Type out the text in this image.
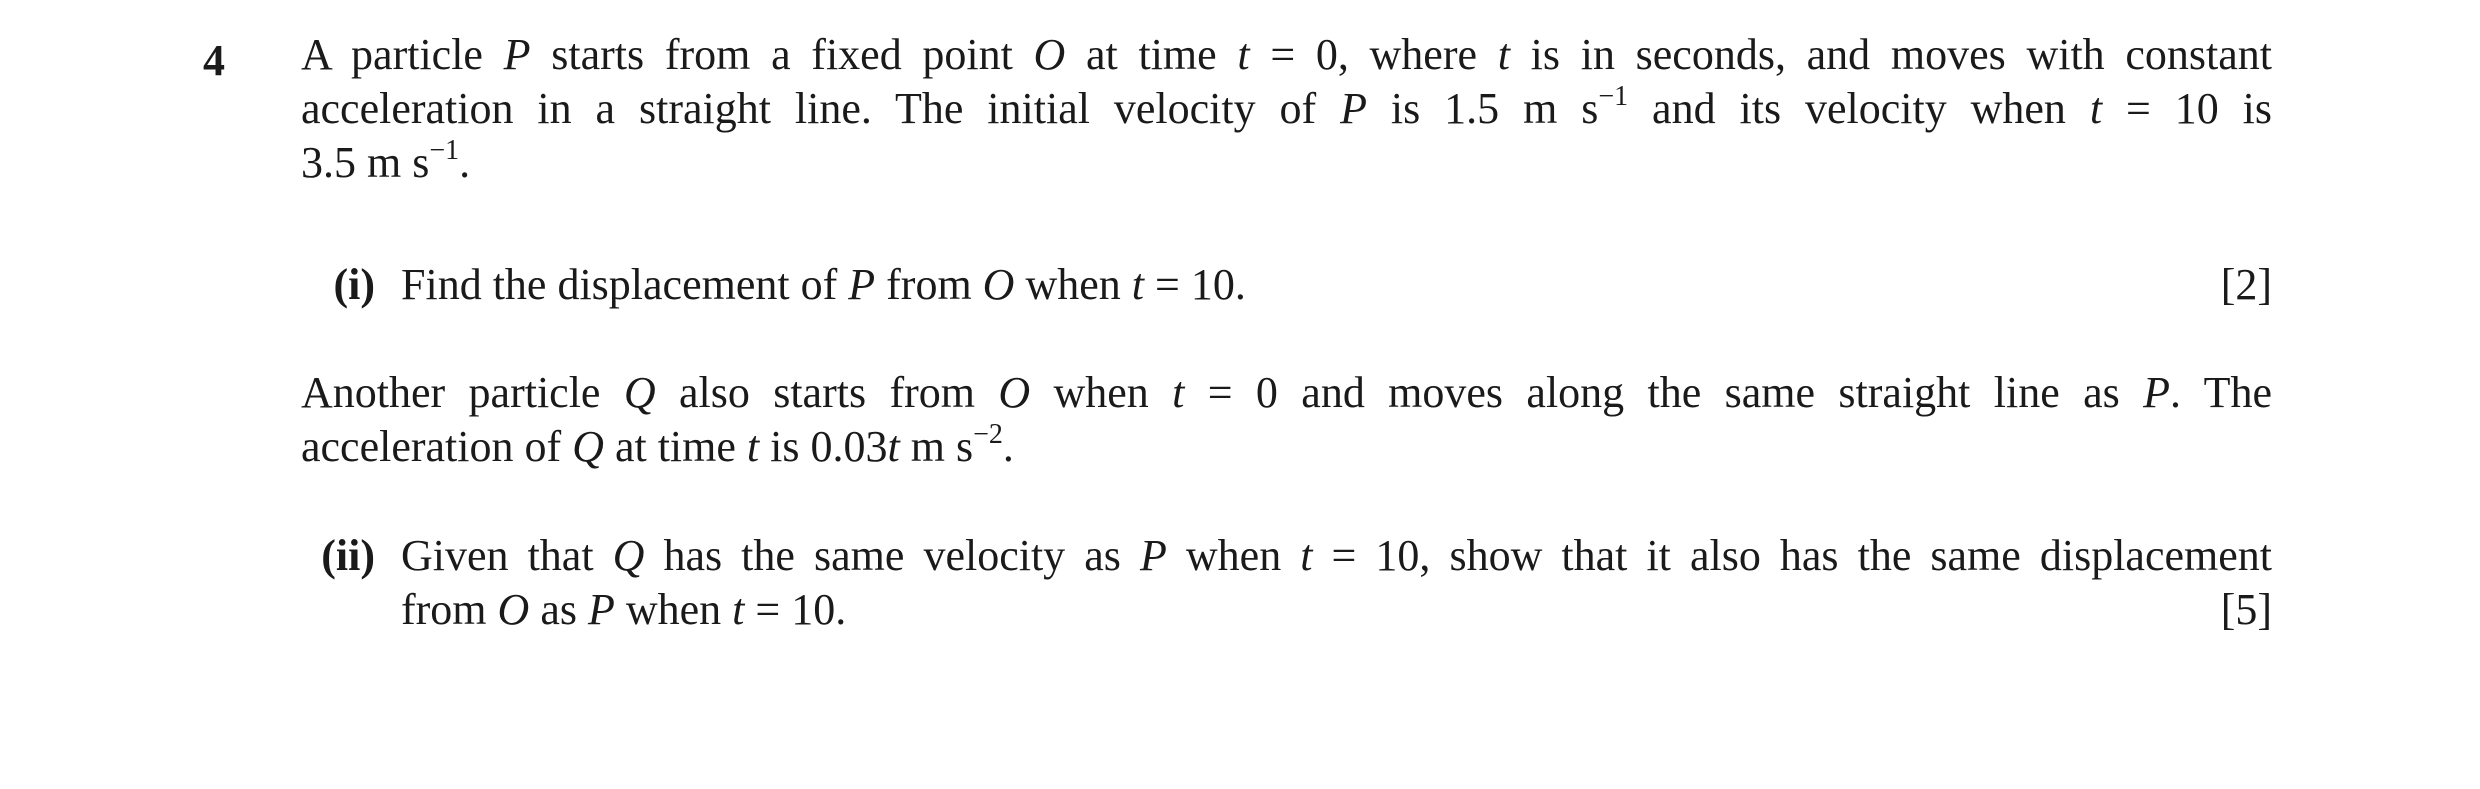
4 A particle P starts from a fixed point O at time t = 0, where t is in seconds, and moves with constant
acceleration in a straight line. The initial velocity of P is 1.5 m $s^{-1}$ and its velocity when t = 10 is
3.5 m $s^{-1}$.
(i) Find the displacement of P from O when t = 10.	[2]
Another particle Q also starts from O when t = 0 and moves along the same straight line as P. The
acceleration of Q at time t is 0.03t m $s^{-2}$.
(ii) Given that Q has the same velocity as P when t = 10, show that it also has the same displacement
from O as P when t = 10.	[5]
